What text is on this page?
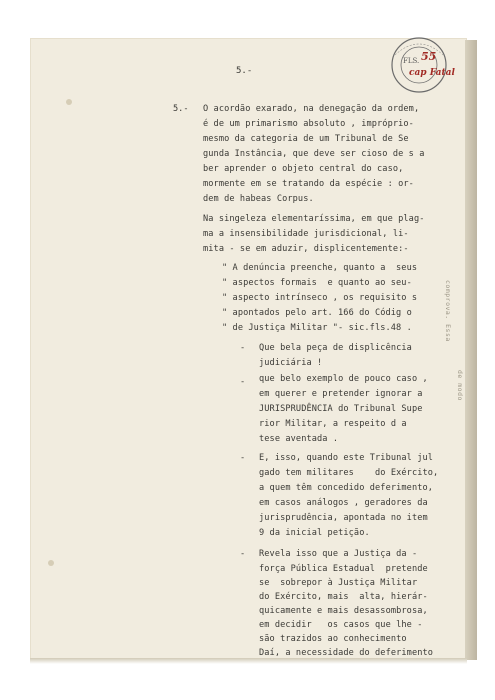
FLS. 55
cap Fatal
5.-
5.- O acordão exarado, na denegação da ordem,
é de um primarismo absoluto , impróprio-
mesmo da categoria de um Tribunal de Se
gunda Instância, que deve ser cioso de s a
ber aprender o objeto central do caso,
mormente em se tratando da espécie : or-
dem de habeas Corpus.
Na singeleza elementaríssima, em que plag-
ma a insensibilidade jurisdicional, li-
mita - se em aduzir, displicentemente:-
" A denúncia preenche, quanto a  seus
" aspectos formais  e quanto ao seu-
" aspecto intrínseco , os requisito s
" apontados pelo art. 166 do Códig o
" de Justiça Militar "- sic.fls.48 .
- Que bela peça de displicência
judiciária !
- que belo exemplo de pouco caso ,
em querer e pretender ignorar a
JURISPRUDÊNCIA do Tribunal Supe
rior Militar, a respeito d a
tese aventada .
- E, isso, quando este Tribunal jul
gado tem militares    do Exército,
a quem têm concedido deferimento,
em casos análogos , geradores da
jurisprudência, apontada no item
9 da inicial petição.
- Revela isso que a Justiça da -
força Pública Estadual  pretende
se  sobrepor à Justiça Militar
do Exército, mais  alta, hierár-
quicamente e mais desassombrosa,
em decidir   os casos que lhe -
são trazidos ao conhecimento
Daí, a necessidade do deferimento
comprova. Essa
de modo
